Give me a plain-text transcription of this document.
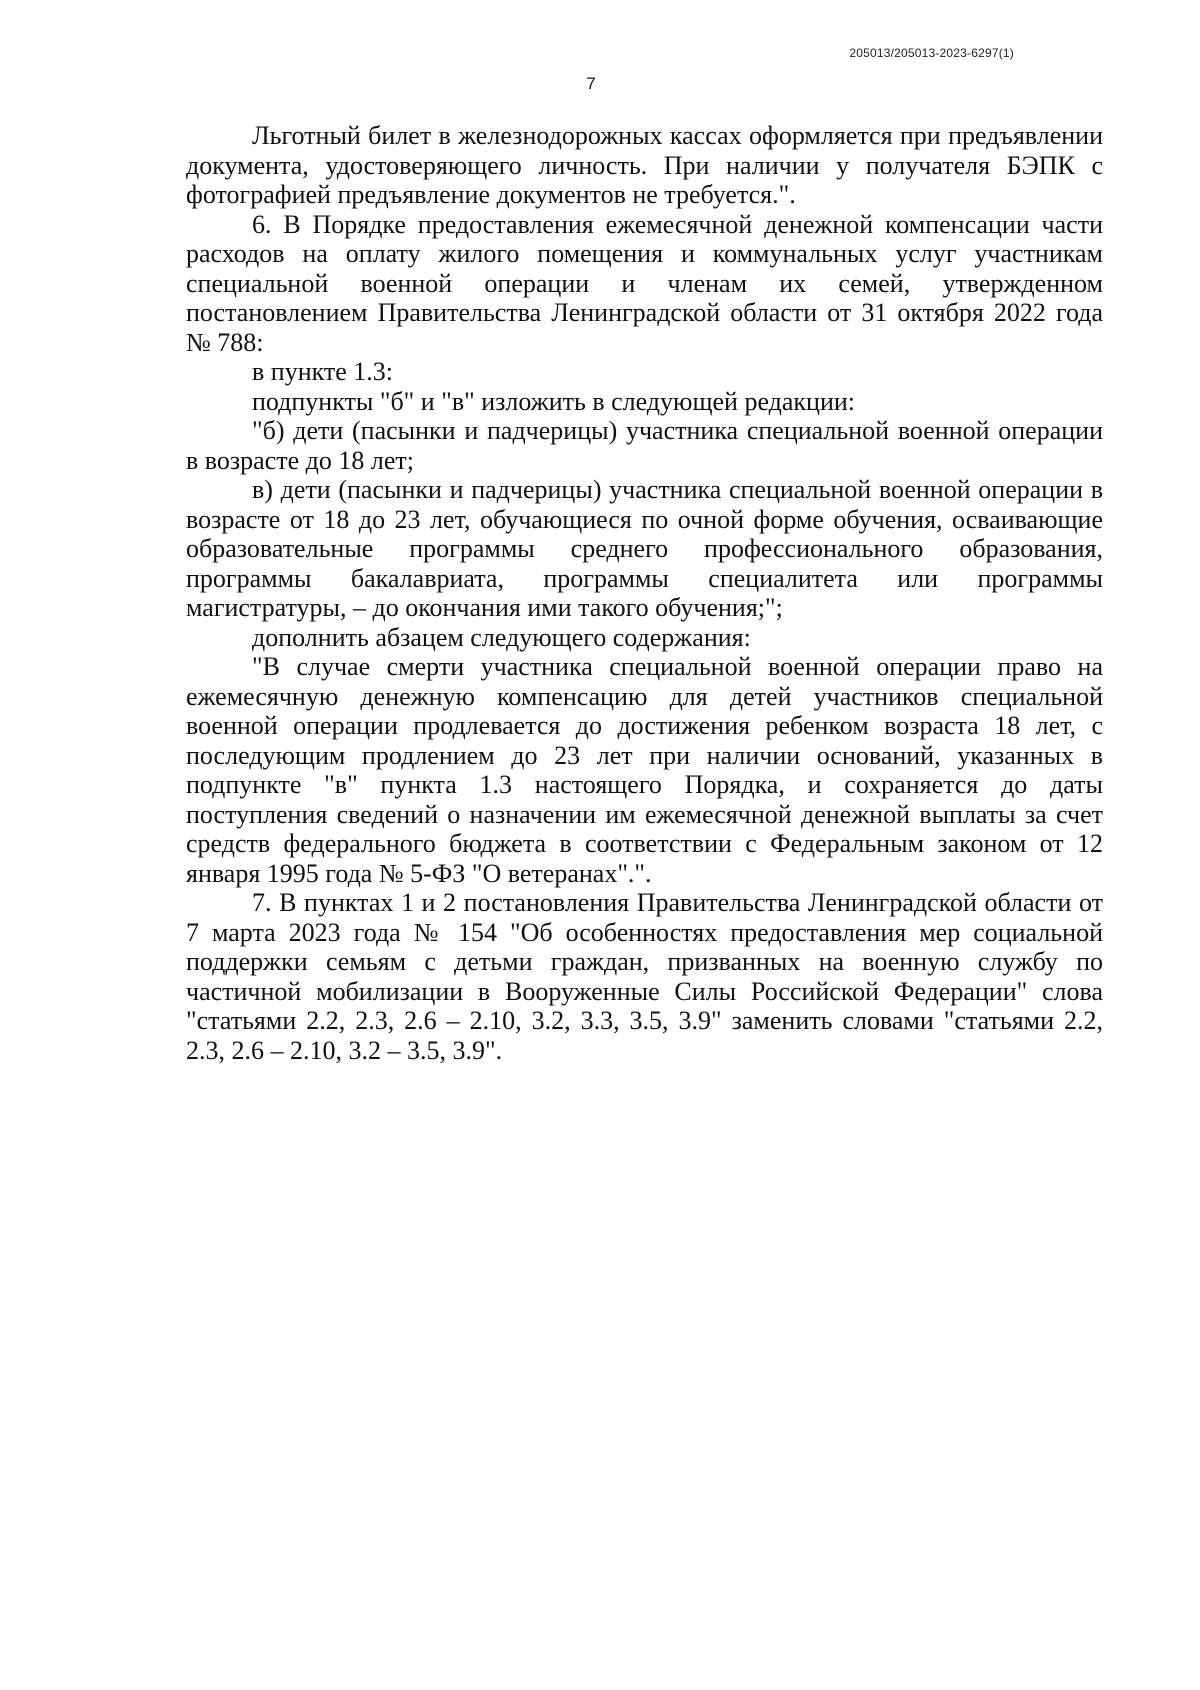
205013/205013-2023-6297(1)
7

Льготный билет в железнодорожных кассах оформляется при предъявлении документа, удостоверяющего личность. При наличии у получателя БЭПК с фотографией предъявление документов не требуется.".

6. В Порядке предоставления ежемесячной денежной компенсации части расходов на оплату жилого помещения и коммунальных услуг участникам специальной военной операции и членам их семей, утвержденном постановлением Правительства Ленинградской области от 31 октября 2022 года № 788:

в пункте 1.3:

подпункты "б" и "в" изложить в следующей редакции:

"б) дети (пасынки и падчерицы) участника специальной военной операции в возрасте до 18 лет;

в) дети (пасынки и падчерицы) участника специальной военной операции в возрасте от 18 до 23 лет, обучающиеся по очной форме обучения, осваивающие образовательные программы среднего профессионального образования, программы бакалавриата, программы специалитета или программы магистратуры, – до окончания ими такого обучения;";

дополнить абзацем следующего содержания:

"В случае смерти участника специальной военной операции право на ежемесячную денежную компенсацию для детей участников специальной военной операции продлевается до достижения ребенком возраста 18 лет, с последующим продлением до 23 лет при наличии оснований, указанных в подпункте "в" пункта 1.3 настоящего Порядка, и сохраняется до даты поступления сведений о назначении им ежемесячной денежной выплаты за счет средств федерального бюджета в соответствии с Федеральным законом от 12 января 1995 года № 5-ФЗ "О ветеранах".".

7. В пунктах 1 и 2 постановления Правительства Ленинградской области от 7 марта 2023 года № 154 "Об особенностях предоставления мер социальной поддержки семьям с детьми граждан, призванных на военную службу по частичной мобилизации в Вооруженные Силы Российской Федерации" слова "статьями 2.2, 2.3, 2.6 – 2.10, 3.2, 3.3, 3.5, 3.9" заменить словами "статьями 2.2, 2.3, 2.6 – 2.10, 3.2 – 3.5, 3.9".
